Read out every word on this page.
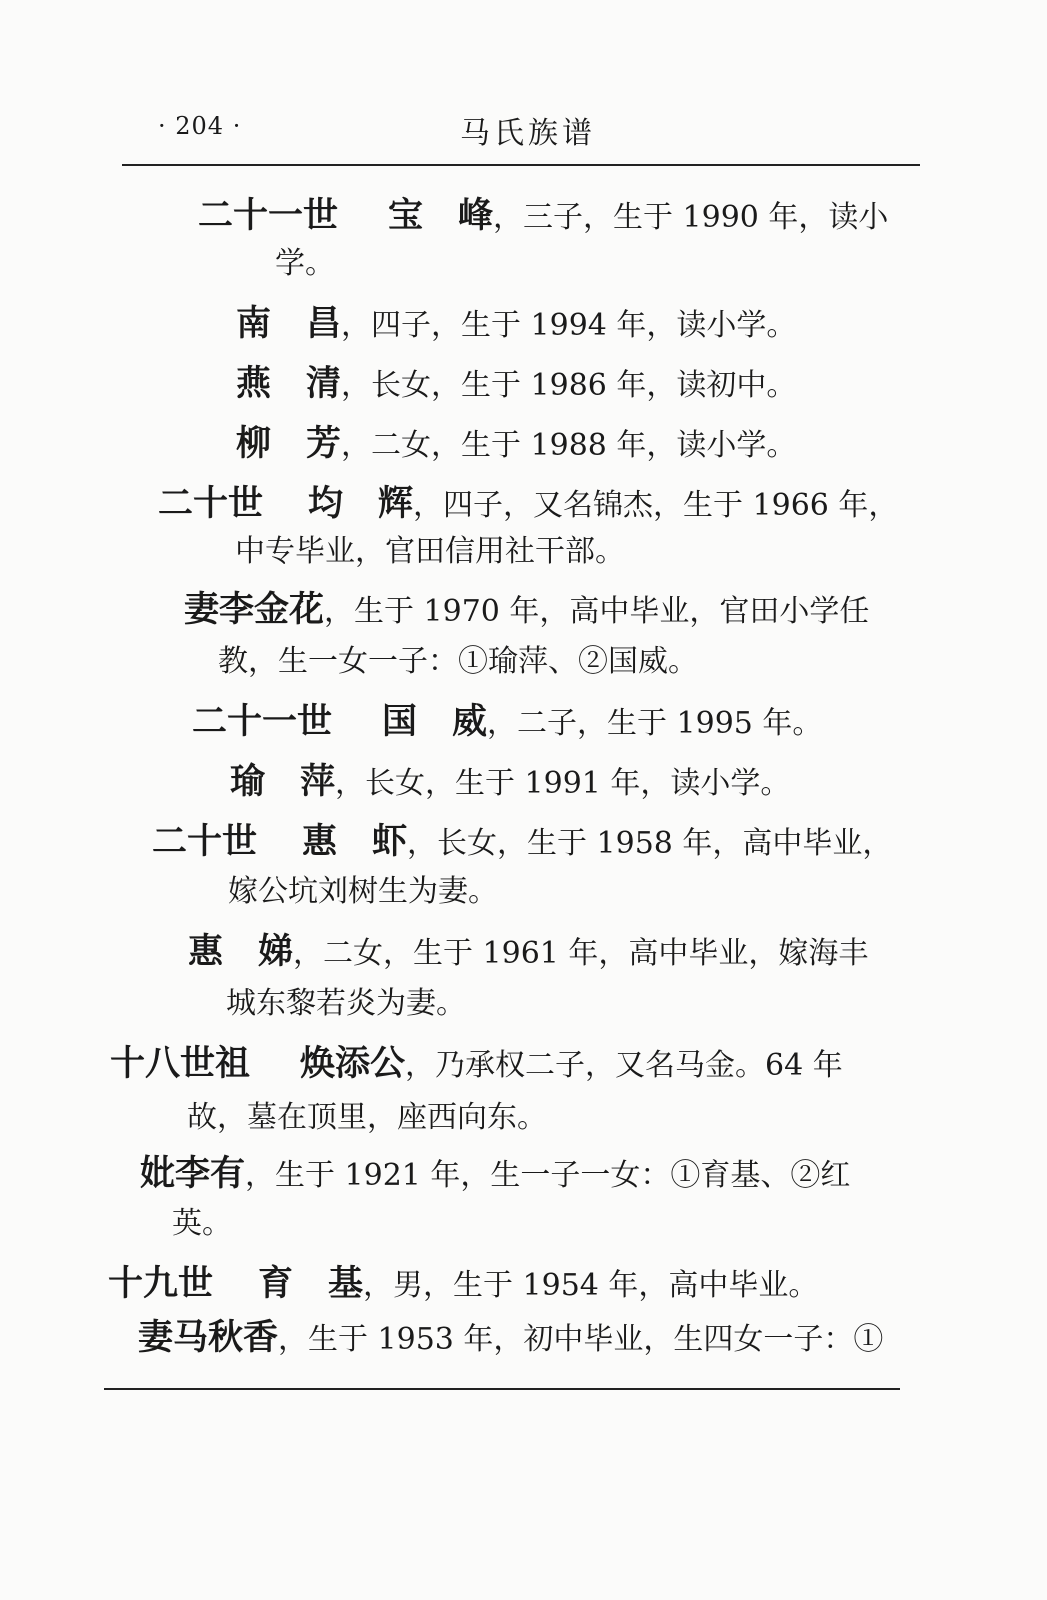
· 204 ·	马氏族谱
二十一世 宝　峰，三子，生于 1990 年，读小
学。
南　昌，四子，生于 1994 年，读小学。
燕　清，长女，生于 1986 年，读初中。
柳　芳，二女，生于 1988 年，读小学。
二十世 均　辉，四子，又名锦杰，生于 1966 年，
中专毕业，官田信用社干部。
妻李金花，生于 1970 年，高中毕业，官田小学任
教，生一女一子：①瑜萍、②国威。
二十一世 国　威，二子，生于 1995 年。
瑜　萍，长女，生于 1991 年，读小学。
二十世 惠　虾，长女，生于 1958 年，高中毕业，
嫁公坑刘树生为妻。
惠　娣，二女，生于 1961 年，高中毕业，嫁海丰
城东黎若炎为妻。
十八世祖 焕添公，乃承权二子，又名马金。64 年
故，墓在顶里，座西向东。
妣李有，生于 1921 年，生一子一女：①育基、②红
英。
十九世 育　基，男，生于 1954 年，高中毕业。
妻马秋香，生于 1953 年，初中毕业，生四女一子：①
